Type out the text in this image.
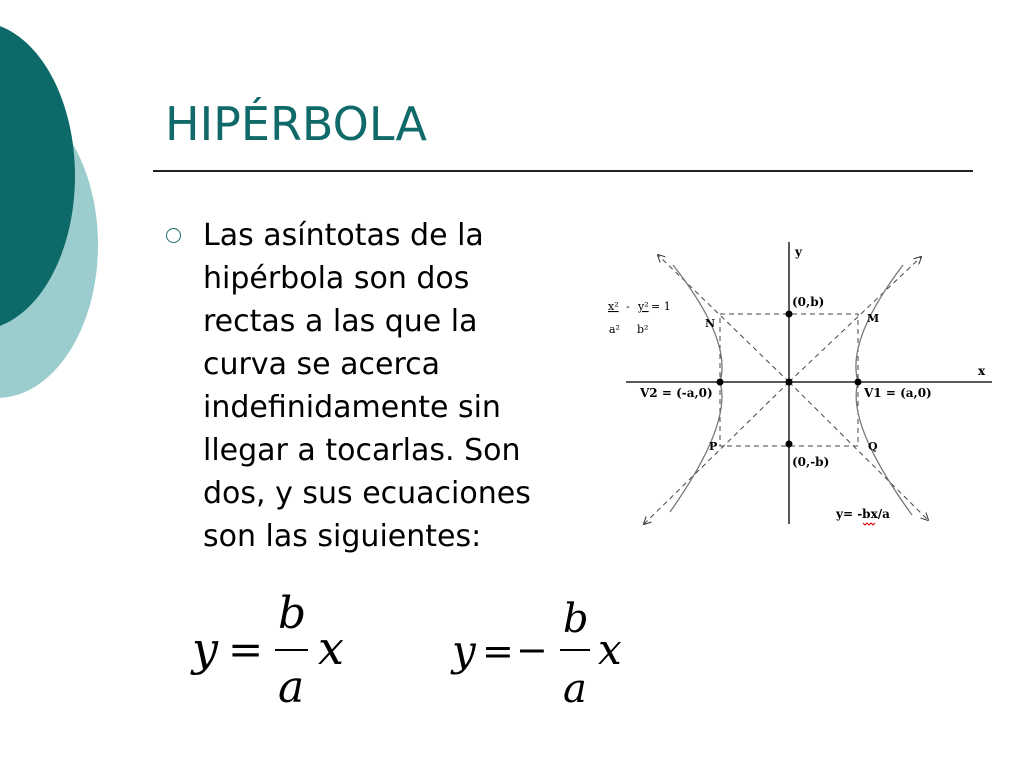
HIPÉRBOLA

Las asíntotas de la
hipérbola son dos
rectas a las que la
curva se acerca
indefinidamente sin
llegar a tocarlas. Son
dos, y sus ecuaciones
son las siguientes:

y
x
x² - y² = 1
a² b²
(0,b)
(0,-b)
N	M
P	Q
V2 = (-a,0)	V1 = (a,0)
y= -bx/a
y =
b
a
x	y = −
b
a
x
